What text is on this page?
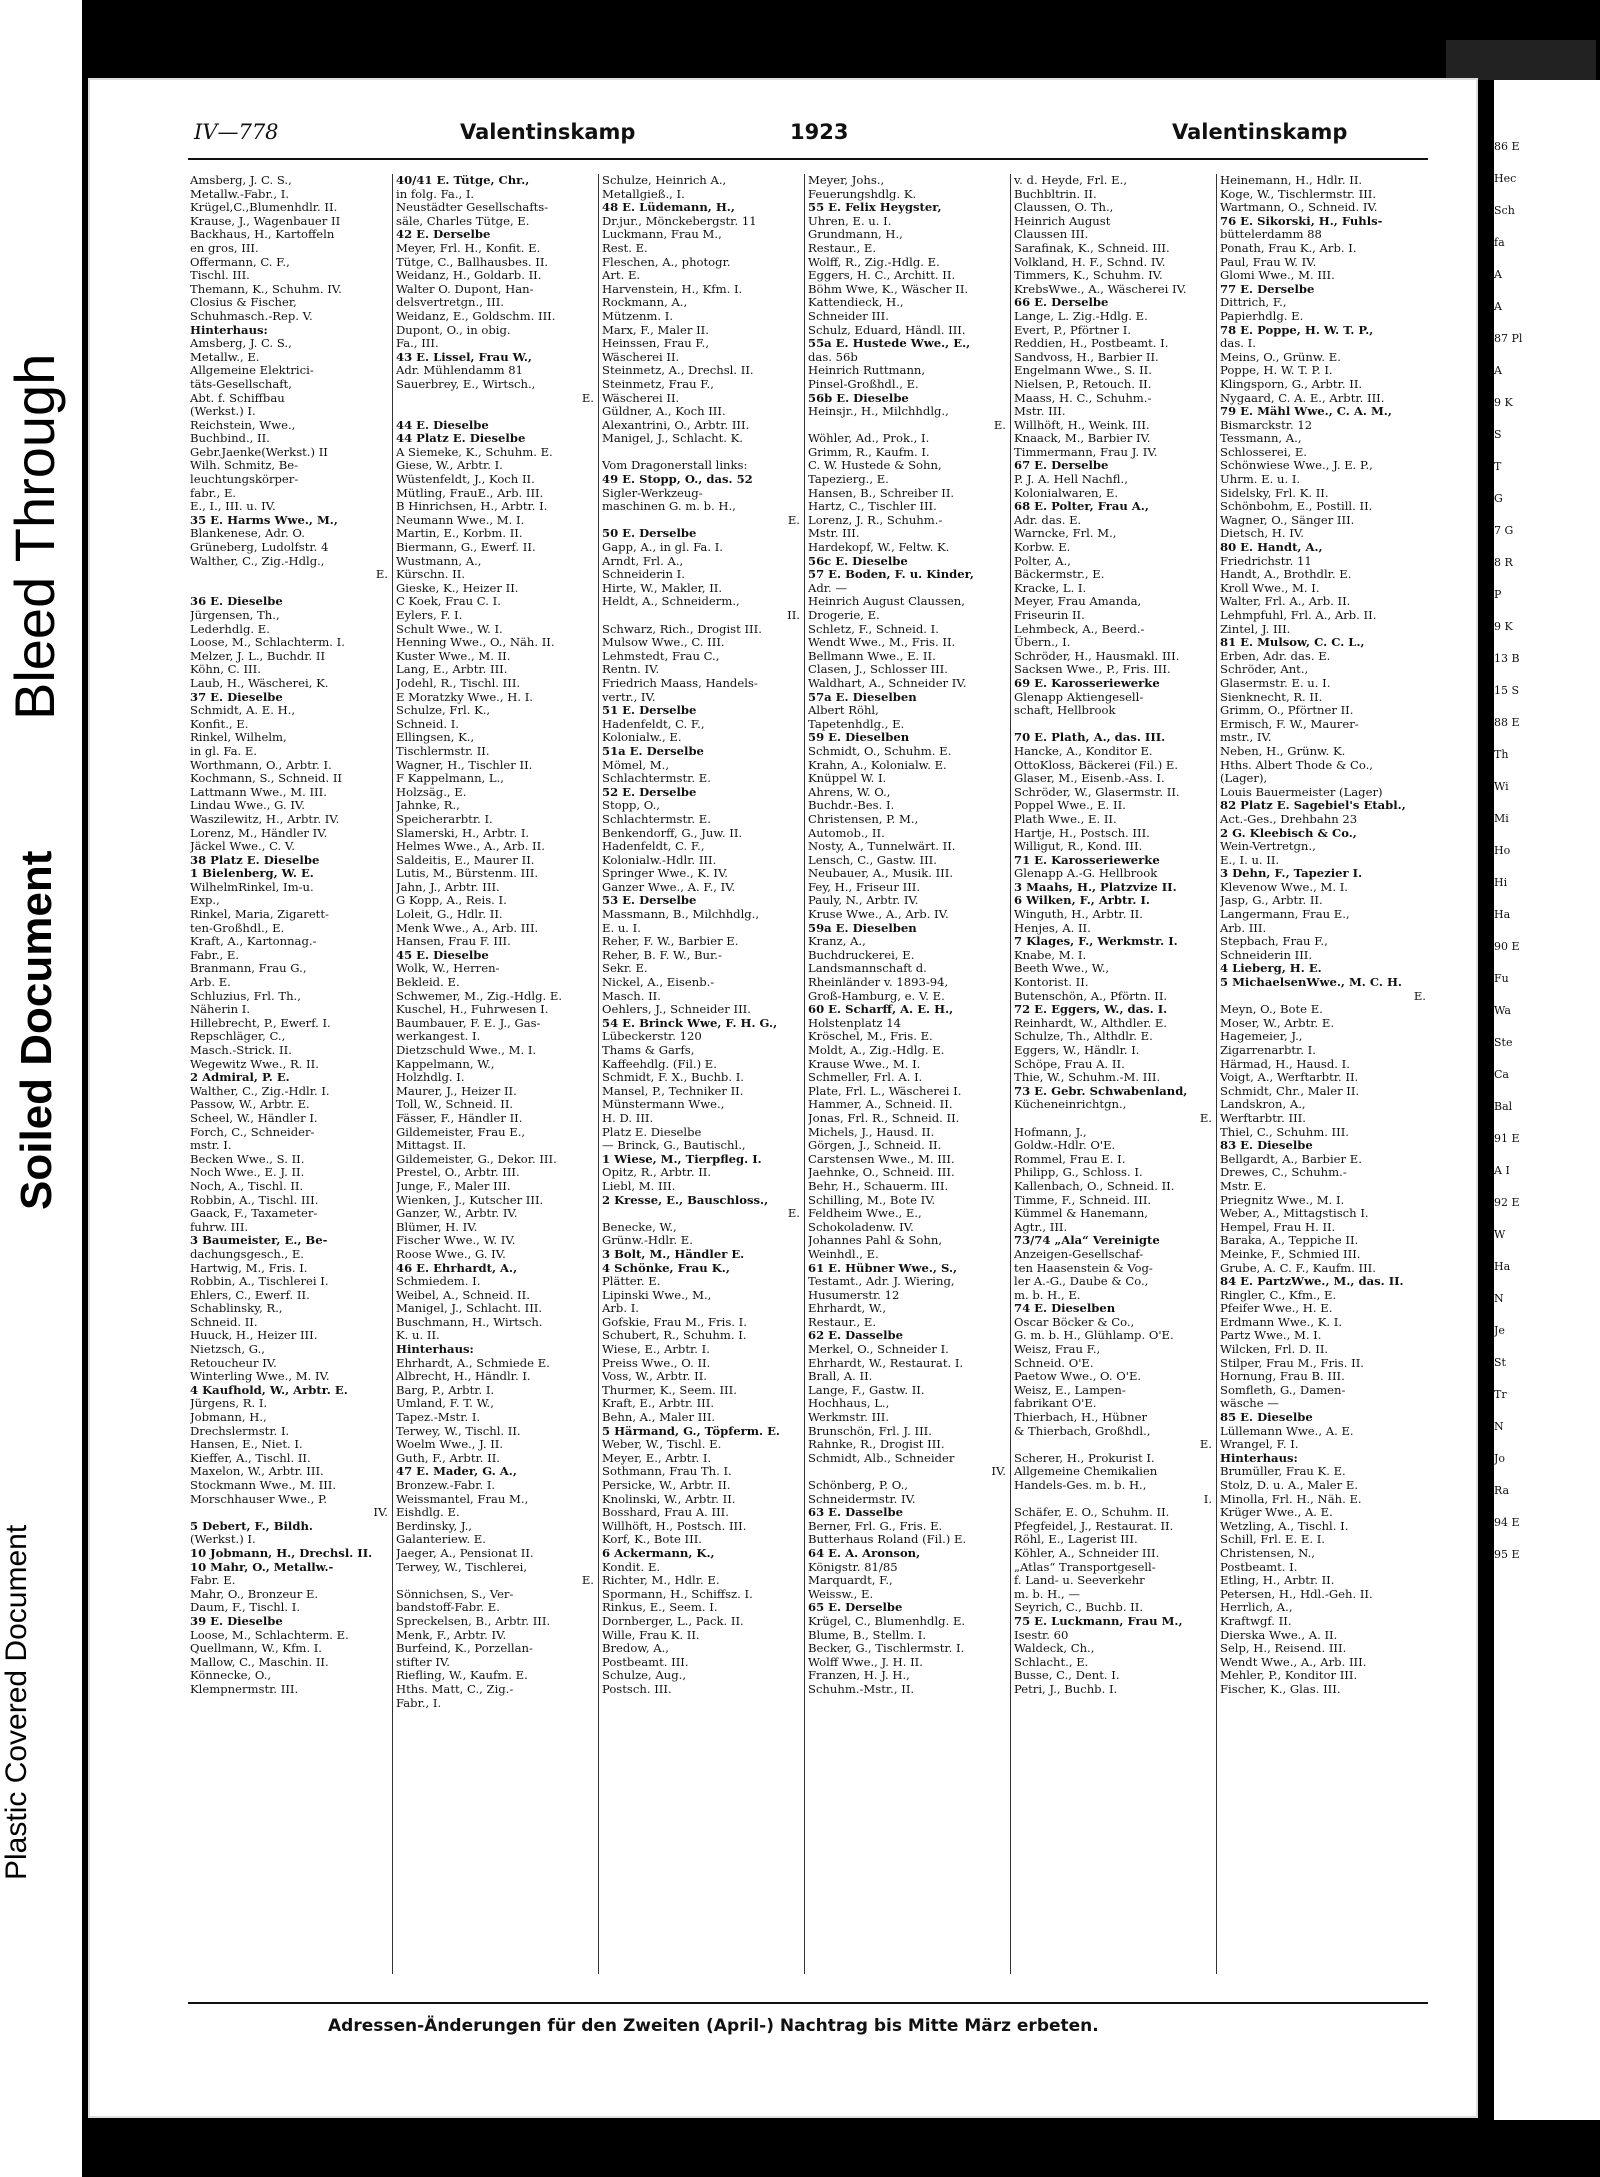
Plastic Covered Document
Bleed Through
Soiled Document
IV—778	Valentinskamp	1923	Valentinskamp
Amsberg, J. C. S.,
Metallw.-Fabr., I.
Krügel,C.,Blumenhdlr. II.
Krause, J., Wagenbauer II
Backhaus, H., Kartoffeln
en gros, III.
Offermann, C. F.,
Tischl. III.
Themann, K., Schuhm. IV.
Closius & Fischer,
Schuhmasch.-Rep. V.
Hinterhaus:
Amsberg, J. C. S.,
Metallw., E.
Allgemeine Elektrici-
täts-Gesellschaft,
Abt. f. Schiffbau
(Werkst.) I.
Reichstein, Wwe.,
Buchbind., II.
Gebr.Jaenke(Werkst.) II
Wilh. Schmitz, Be-
leuchtungskörper-
fabr., E.
E., I., III. u. IV.
35 E. Harms Wwe., M.,
Blankenese, Adr. O.
Grüneberg, Ludolfstr. 4
Walther, C., Zig.-Hdlg.,
E.

36 E. Dieselbe
Jürgensen, Th.,
Lederhdlg. E.
Loose, M., Schlachterm. I.
Melzer, J. L., Buchdr. II
Köhn, C. III.
Laub, H., Wäscherei, K.
37 E. Dieselbe
Schmidt, A. E. H.,
Konfit., E.
Rinkel, Wilhelm,
in gl. Fa. E.
Worthmann, O., Arbtr. I.
Kochmann, S., Schneid. II
Lattmann Wwe., M. III.
Lindau Wwe., G. IV.
Waszilewitz, H., Arbtr. IV.
Lorenz, M., Händler IV.
Jäckel Wwe., C. V.
38 Platz E. Dieselbe
1 Bielenberg, W. E.
WilhelmRinkel, Im-u.
Exp.,
Rinkel, Maria, Zigarett-
ten-Großhdl., E.
Kraft, A., Kartonnag.-
Fabr., E.
Branmann, Frau G.,
Arb. E.
Schluzius, Frl. Th.,
Näherin I.
Hillebrecht, P., Ewerf. I.
Repschläger, C.,
Masch.-Strick. II.
Wegewitz Wwe., R. II.
2 Admiral, P. E.
Walther, C., Zig.-Hdlr. I.
Passow, W., Arbtr. E.
Scheel, W., Händler I.
Forch, C., Schneider-
mstr. I.
Becken Wwe., S. II.
Noch Wwe., E. J. II.
Noch, A., Tischl. II.
Robbin, A., Tischl. III.
Gaack, F., Taxameter-
fuhrw. III.
3 Baumeister, E., Be-
dachungsgesch., E.
Hartwig, M., Fris. I.
Robbin, A., Tischlerei I.
Ehlers, C., Ewerf. II.
Schablinsky, R.,
Schneid. II.
Huuck, H., Heizer III.
Nietzsch, G.,
Retoucheur IV.
Winterling Wwe., M. IV.
4 Kaufhold, W., Arbtr. E.
Jürgens, R. I.
Jobmann, H.,
Drechslermstr. I.
Hansen, E., Niet. I.
Kieffer, A., Tischl. II.
Maxelon, W., Arbtr. III.
Stockmann Wwe., M. III.
Morschhauser Wwe., P.
IV.
5 Debert, F., Bildh.
(Werkst.) I.
10 Jobmann, H., Drechsl. II.
10 Mahr, O., Metallw.-
Fabr. E.
Mahr, O., Bronzeur E.
Daum, F., Tischl. I.
39 E. Dieselbe
Loose, M., Schlachterm. E.
Quellmann, W., Kfm. I.
Mallow, C., Maschin. II.
Könnecke, O.,
Klempnermstr. III.
40/41 E. Tütge, Chr.,
in folg. Fa., I.
Neustädter Gesellschafts-
säle, Charles Tütge, E.
42 E. Derselbe
Meyer, Frl. H., Konfit. E.
Tütge, C., Ballhausbes. II.
Weidanz, H., Goldarb. II.
Walter O. Dupont, Han-
delsvertretgn., III.
Weidanz, E., Goldschm. III.
Dupont, O., in obig.
Fa., III.
43 E. Lissel, Frau W.,
Adr. Mühlendamm 81
Sauerbrey, E., Wirtsch.,
E.

44 E. Dieselbe
44 Platz E. Dieselbe
A Siemeke, K., Schuhm. E.
Giese, W., Arbtr. I.
Wüstenfeldt, J., Koch II.
Mütling, FrauE., Arb. III.
B Hinrichsen, H., Arbtr. I.
Neumann Wwe., M. I.
Martin, E., Korbm. II.
Biermann, G., Ewerf. II.
Wustmann, A.,
Kürschn. II.
Gieske, K., Heizer II.
C Koek, Frau C. I.
Eylers, F. I.
Schult Wwe., W. I.
Henning Wwe., O., Näh. II.
Kuster Wwe., M. II.
Lang, E., Arbtr. III.
Jodehl, R., Tischl. III.
E Moratzky Wwe., H. I.
Schulze, Frl. K.,
Schneid. I.
Ellingsen, K.,
Tischlermstr. II.
Wagner, H., Tischler II.
F Kappelmann, L.,
Holzsäg., E.
Jahnke, R.,
Speicherarbtr. I.
Slamerski, H., Arbtr. I.
Helmes Wwe., A., Arb. II.
Saldeitis, E., Maurer II.
Lutis, M., Bürstenm. III.
Jahn, J., Arbtr. III.
G Kopp, A., Reis. I.
Loleit, G., Hdlr. II.
Menk Wwe., A., Arb. III.
Hansen, Frau F. III.
45 E. Dieselbe
Wolk, W., Herren-
Bekleid. E.
Schwemer, M., Zig.-Hdlg. E.
Kuschel, H., Fuhrwesen I.
Baumbauer, F. E. J., Gas-
werkangest. I.
Dietzschuld Wwe., M. I.
Kappelmann, W.,
Holzhdlg. I.
Maurer, J., Heizer II.
Toll, W., Schneid. II.
Fässer, F., Händler II.
Gildemeister, Frau E.,
Mittagst. II.
Gildemeister, G., Dekor. III.
Prestel, O., Arbtr. III.
Junge, F., Maler III.
Wienken, J., Kutscher III.
Ganzer, W., Arbtr. IV.
Blümer, H. IV.
Fischer Wwe., W. IV.
Roose Wwe., G. IV.
46 E. Ehrhardt, A.,
Schmiedem. I.
Weibel, A., Schneid. II.
Manigel, J., Schlacht. III.
Buschmann, H., Wirtsch.
K. u. II.
Hinterhaus:
Ehrhardt, A., Schmiede E.
Albrecht, H., Händlr. I.
Barg, P., Arbtr. I.
Umland, F. T. W.,
Tapez.-Mstr. I.
Terwey, W., Tischl. II.
Woelm Wwe., J. II.
Guth, F., Arbtr. II.
47 E. Mader, G. A.,
Bronzew.-Fabr. I.
Weissmantel, Frau M.,
Eishdlg. E.
Berdinsky, J.,
Galanteriew. E.
Jaeger, A., Pensionat II.
Terwey, W., Tischlerei,
E.
Sönnichsen, S., Ver-
bandstoff-Fabr. E.
Spreckelsen, B., Arbtr. III.
Menk, F., Arbtr. IV.
Burfeind, K., Porzellan-
stifter IV.
Riefling, W., Kaufm. E.
Hths. Matt, C., Zig.-
Fabr., I.
Schulze, Heinrich A.,
Metallgieß., I.
48 E. Lüdemann, H.,
Dr.jur., Mönckebergstr. 11
Luckmann, Frau M.,
Rest. E.
Fleschen, A., photogr.
Art. E.
Harvenstein, H., Kfm. I.
Rockmann, A.,
Mützenm. I.
Marx, F., Maler II.
Heinssen, Frau F.,
Wäscherei II.
Steinmetz, A., Drechsl. II.
Steinmetz, Frau F.,
Wäscherei II.
Güldner, A., Koch III.
Alexantrini, O., Arbtr. III.
Manigel, J., Schlacht. K.

Vom Dragonerstall links:
49 E. Stopp, O., das. 52
Sigler-Werkzeug-
maschinen G. m. b. H.,
E.
50 E. Derselbe
Gapp, A., in gl. Fa. I.
Arndt, Frl. A.,
Schneiderin I.
Hirte, W., Makler, II.
Heldt, A., Schneiderm.,
II.
Schwarz, Rich., Drogist III.
Mulsow Wwe., C. III.
Lehmstedt, Frau C.,
Rentn. IV.
Friedrich Maass, Handels-
vertr., IV.
51 E. Derselbe
Hadenfeldt, C. F.,
Kolonialw., E.
51a E. Derselbe
Mömel, M.,
Schlachtermstr. E.
52 E. Derselbe
Stopp, O.,
Schlachtermstr. E.
Benkendorff, G., Juw. II.
Hadenfeldt, C. F.,
Kolonialw.-Hdlr. III.
Springer Wwe., K. IV.
Ganzer Wwe., A. F., IV.
53 E. Derselbe
Massmann, B., Milchhdlg.,
E. u. I.
Reher, F. W., Barbier E.
Reher, B. F. W., Bur.-
Sekr. E.
Nickel, A., Eisenb.-
Masch. II.
Oehlers, J., Schneider III.
54 E. Brinck Wwe, F. H. G.,
Lübeckerstr. 120
Thams & Garfs,
Kaffeehdlg. (Fil.) E.
Schmidt, F. X., Buchb. I.
Mansel, P., Techniker II.
Münstermann Wwe.,
H. D. III.
Platz E. Dieselbe
— Brinck, G., Bautischl.,
1 Wiese, M., Tierpfleg. I.
Opitz, R., Arbtr. II.
Liebl, M. III.
2 Kresse, E., Bauschloss.,
E.
Benecke, W.,
Grünw.-Hdlr. E.
3 Bolt, M., Händler E.
4 Schönke, Frau K.,
Plätter. E.
Lipinski Wwe., M.,
Arb. I.
Gofskie, Frau M., Fris. I.
Schubert, R., Schuhm. I.
Wiese, E., Arbtr. I.
Preiss Wwe., O. II.
Voss, W., Arbtr. II.
Thurmer, K., Seem. III.
Kraft, E., Arbtr. III.
Behn, A., Maler III.
5 Härmand, G., Töpferm. E.
Weber, W., Tischl. E.
Meyer, E., Arbtr. I.
Sothmann, Frau Th. I.
Persicke, W., Arbtr. II.
Knolinski, W., Arbtr. II.
Bosshard, Frau A. III.
Willhöft, H., Postsch. III.
Korf, K., Bote III.
6 Ackermann, K.,
Kondit. E.
Richter, M., Hdlr. E.
Spormann, H., Schiffsz. I.
Rinkus, E., Seem. I.
Dornberger, L., Pack. II.
Wille, Frau K. II.
Bredow, A.,
Postbeamt. III.
Schulze, Aug.,
Postsch. III.
Meyer, Johs.,
Feuerungshdlg. K.
55 E. Felix Heygster,
Uhren, E. u. I.
Grundmann, H.,
Restaur., E.
Wolff, R., Zig.-Hdlg. E.
Eggers, H. C., Architt. II.
Böhm Wwe, K., Wäscher II.
Kattendieck, H.,
Schneider III.
Schulz, Eduard, Händl. III.
55a E. Hustede Wwe., E.,
das. 56b
Heinrich Ruttmann,
Pinsel-Großhdl., E.
56b E. Dieselbe
Heinsjr., H., Milchhdlg.,
E.
Wöhler, Ad., Prok., I.
Grimm, R., Kaufm. I.
C. W. Hustede & Sohn,
Tapezierg., E.
Hansen, B., Schreiber II.
Hartz, C., Tischler III.
Lorenz, J. R., Schuhm.-
Mstr. III.
Hardekopf, W., Feltw. K.
56c E. Dieselbe
57 E. Boden, F. u. Kinder,
Adr. —
Heinrich August Claussen,
Drogerie, E.
Schletz, F., Schneid. I.
Wendt Wwe., M., Fris. II.
Bellmann Wwe., E. II.
Clasen, J., Schlosser III.
Waldhart, A., Schneider IV.
57a E. Dieselben
Albert Röhl,
Tapetenhdlg., E.
59 E. Dieselben
Schmidt, O., Schuhm. E.
Krahn, A., Kolonialw. E.
Knüppel W. I.
Ahrens, W. O.,
Buchdr.-Bes. I.
Christensen, P. M.,
Automob., II.
Nosty, A., Tunnelwärt. II.
Lensch, C., Gastw. III.
Neubauer, A., Musik. III.
Fey, H., Friseur III.
Pauly, N., Arbtr. IV.
Kruse Wwe., A., Arb. IV.
59a E. Dieselben
Kranz, A.,
Buchdruckerei, E.
Landsmannschaft d.
Rheinländer v. 1893-94,
Groß-Hamburg, e. V. E.
60 E. Scharff, A. E. H.,
Holstenplatz 14
Kröschel, M., Fris. E.
Moldt, A., Zig.-Hdlg. E.
Krause Wwe., M. I.
Schmeller, Frl. A. I.
Plate, Frl. L., Wäscherei I.
Hammer, A., Schneid. II.
Jonas, Frl. R., Schneid. II.
Michels, J., Hausd. II.
Görgen, J., Schneid. II.
Carstensen Wwe., M. III.
Jaehnke, O., Schneid. III.
Behr, H., Schauerm. III.
Schilling, M., Bote IV.
Feldheim Wwe., E.,
Schokoladenw. IV.
Johannes Pahl & Sohn,
Weinhdl., E.
61 E. Hübner Wwe., S.,
Testamt., Adr. J. Wiering,
Husumerstr. 12
Ehrhardt, W.,
Restaur., E.
62 E. Dasselbe
Merkel, O., Schneider I.
Ehrhardt, W., Restaurat. I.
Brall, A. II.
Lange, F., Gastw. II.
Hochhaus, L.,
Werkmstr. III.
Brunschön, Frl. J. III.
Rahnke, R., Drogist III.
Schmidt, Alb., Schneider
IV.
Schönberg, P. O.,
Schneidermstr. IV.
63 E. Dasselbe
Berner, Frl. G., Fris. E.
Butterhaus Roland (Fil.) E.
64 E. A. Aronson,
Königstr. 81/85
Marquardt, F.,
Weissw., E.
65 E. Derselbe
Krügel, C., Blumenhdlg. E.
Blume, B., Stellm. I.
Becker, G., Tischlermstr. I.
Wolff Wwe., J. H. II.
Franzen, H. J. H.,
Schuhm.-Mstr., II.
v. d. Heyde, Frl. E.,
Buchbltrin. II.
Claussen, O. Th.,
Heinrich August
Claussen III.
Sarafinak, K., Schneid. III.
Volkland, H. F., Schnd. IV.
Timmers, K., Schuhm. IV.
KrebsWwe., A., Wäscherei IV.
66 E. Derselbe
Lange, L. Zig.-Hdlg. E.
Evert, P., Pförtner I.
Reddien, H., Postbeamt. I.
Sandvoss, H., Barbier II.
Engelmann Wwe., S. II.
Nielsen, P., Retouch. II.
Maass, H. C., Schuhm.-
Mstr. III.
Willhöft, H., Weink. III.
Knaack, M., Barbier IV.
Timmermann, Frau J. IV.
67 E. Derselbe
P. J. A. Hell Nachfl.,
Kolonialwaren, E.
68 E. Polter, Frau A.,
Adr. das. E.
Warncke, Frl. M.,
Korbw. E.
Polter, A.,
Bäckermstr., E.
Kracke, L. I.
Meyer, Frau Amanda,
Friseurin II.
Lehmbeck, A., Beerd.-
Übern., I.
Schröder, H., Hausmakl. III.
Sacksen Wwe., P., Fris. III.
69 E. Karosseriewerke
Glenapp Aktiengesell-
schaft, Hellbrook

70 E. Plath, A., das. III.
Hancke, A., Konditor E.
OttoKloss, Bäckerei (Fil.) E.
Glaser, M., Eisenb.-Ass. I.
Schröder, W., Glasermstr. II.
Poppel Wwe., E. II.
Plath Wwe., E. II.
Hartje, H., Postsch. III.
Willigut, R., Kond. III.
71 E. Karosseriewerke
Glenapp A.-G. Hellbrook
3 Maahs, H., Platzvize II.
6 Wilken, F., Arbtr. I.
Winguth, H., Arbtr. II.
Henjes, A. II.
7 Klages, F., Werkmstr. I.
Knabe, M. I.
Beeth Wwe., W.,
Kontorist. II.
Butenschön, A., Pförtn. II.
72 E. Eggers, W., das. I.
Reinhardt, W., Althdler. E.
Schulze, Th., Althdlr. E.
Eggers, W., Händlr. I.
Schöpe, Frau A. II.
Thie, W., Schuhm.-M. III.
73 E. Gebr. Schwabenland,
Kücheneinrichtgn.,
E.
Hofmann, J.,
Goldw.-Hdlr. O'E.
Rommel, Frau E. I.
Philipp, G., Schloss. I.
Kallenbach, O., Schneid. II.
Timme, F., Schneid. III.
Kümmel & Hanemann,
Agtr., III.
73/74 „Ala“ Vereinigte
Anzeigen-Gesellschaf-
ten Haasenstein & Vog-
ler A.-G., Daube & Co.,
m. b. H., E.
74 E. Dieselben
Oscar Böcker & Co.,
G. m. b. H., Glühlamp. O'E.
Weisz, Frau F.,
Schneid. O'E.
Paetow Wwe., O. O'E.
Weisz, E., Lampen-
fabrikant O'E.
Thierbach, H., Hübner
& Thierbach, Großhdl.,
E.
Scherer, H., Prokurist I.
Allgemeine Chemikalien
Handels-Ges. m. b. H.,
I.
Schäfer, E. O., Schuhm. II.
Pfegfeidel, J., Restaurat. II.
Röhl, E., Lagerist III.
Köhler, A., Schneider III.
„Atlas“ Transportgesell-
f. Land- u. Seeverkehr
m. b. H., —
Seyrich, C., Buchb. II.
75 E. Luckmann, Frau M.,
Isestr. 60
Waldeck, Ch.,
Schlacht., E.
Busse, C., Dent. I.
Petri, J., Buchb. I.
Heinemann, H., Hdlr. II.
Koge, W., Tischlermstr. III.
Wartmann, O., Schneid. IV.
76 E. Sikorski, H., Fuhls-
büttelerdamm 88
Ponath, Frau K., Arb. I.
Paul, Frau W. IV.
Glomi Wwe., M. III.
77 E. Derselbe
Dittrich, F.,
Papierhdlg. E.
78 E. Poppe, H. W. T. P.,
das. I.
Meins, O., Grünw. E.
Poppe, H. W. T. P. I.
Klingsporn, G., Arbtr. II.
Nygaard, C. A. E., Arbtr. III.
79 E. Mähl Wwe., C. A. M.,
Bismarckstr. 12
Tessmann, A.,
Schlosserei, E.
Schönwiese Wwe., J. E. P.,
Uhrm. E. u. I.
Sidelsky, Frl. K. II.
Schönbohm, E., Postill. II.
Wagner, O., Sänger III.
Dietsch, H. IV.
80 E. Handt, A.,
Friedrichstr. 11
Handt, A., Brothdlr. E.
Kroll Wwe., M. I.
Walter, Frl. A., Arb. II.
Lehmpfuhl, Frl. A., Arb. II.
Zintel, J. III.
81 E. Mulsow, C. C. L.,
Erben, Adr. das. E.
Schröder, Ant.,
Glasermstr. E. u. I.
Sienknecht, R. II.
Grimm, O., Pförtner II.
Ermisch, F. W., Maurer-
mstr., IV.
Neben, H., Grünw. K.
Hths. Albert Thode & Co.,
(Lager),
Louis Bauermeister (Lager)
82 Platz E. Sagebiel's Etabl.,
Act.-Ges., Drehbahn 23
2 G. Kleebisch & Co.,
Wein-Vertretgn.,
E., I. u. II.
3 Dehn, F., Tapezier I.
Klevenow Wwe., M. I.
Jasp, G., Arbtr. II.
Langermann, Frau E.,
Arb. III.
Stepbach, Frau F.,
Schneiderin III.
4 Lieberg, H. E.
5 MichaelsenWwe., M. C. H.
E.
Meyn, O., Bote E.
Moser, W., Arbtr. E.
Hagemeier, J.,
Zigarrenarbtr. I.
Härmad, H., Hausd. I.
Voigt, A., Werftarbtr. II.
Schmidt, Chr., Maler II.
Landskron, A.,
Werftarbtr. III.
Thiel, C., Schuhm. III.
83 E. Dieselbe
Bellgardt, A., Barbier E.
Drewes, C., Schuhm.-
Mstr. E.
Priegnitz Wwe., M. I.
Weber, A., Mittagstisch I.
Hempel, Frau H. II.
Baraka, A., Teppiche II.
Meinke, F., Schmied III.
Grube, A. C. F., Kaufm. III.
84 E. PartzWwe., M., das. II.
Ringler, C., Kfm., E.
Pfeifer Wwe., H. E.
Erdmann Wwe., K. I.
Partz Wwe., M. I.
Wilcken, Frl. D. II.
Stilper, Frau M., Fris. II.
Hornung, Frau B. III.
Somfleth, G., Damen-
wäsche —
85 E. Dieselbe
Lüllemann Wwe., A. E.
Wrangel, F. I.
Hinterhaus:
Brumüller, Frau K. E.
Stolz, D. u. A., Maler E.
Minolla, Frl. H., Näh. E.
Krüger Wwe., A. E.
Wetzling, A., Tischl. I.
Schill, Frl. E. E. I.
Christensen, N.,
Postbeamt. I.
Etling, H., Arbtr. II.
Petersen, H., Hdl.-Geh. II.
Herrlich, A.,
Kraftwgf. II.
Dierska Wwe., A. II.
Selp, H., Reisend. III.
Wendt Wwe., A., Arb. III.
Mehler, P., Konditor III.
Fischer, K., Glas. III.
Adressen-Änderungen für den Zweiten (April-) Nachtrag bis Mitte März erbeten.
86 E
Hec
Sch
fa
A
A
87 Pl
A
9 K
S
T
G
7 G
8 R
P
9 K
13 B
15 S
88 E
Th
Wi
Mi
Ho
Hi
Ha
90 E
Fu
Wa
Ste
Ca
Bal
91 E
A I
92 E
W
Ha
N
Je
St
Tr
N
Jo
Ra
94 E
95 E
